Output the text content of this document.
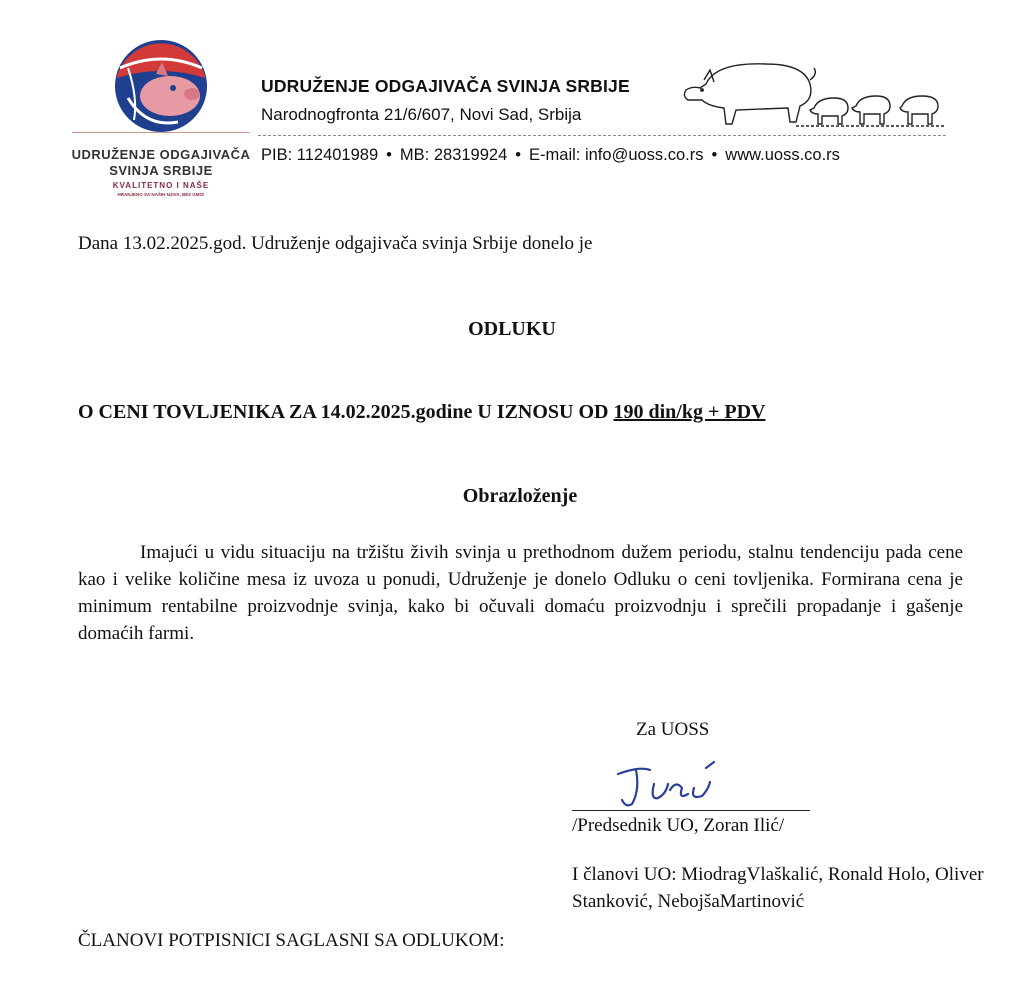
UDRUŽENJE ODGAJIVAČA
SVINJA SRBIJE
KVALITETNO I NAŠE
HRANJENO SA NAŠIH NJIVA, BEZ GMO!
UDRUŽENJE ODGAJIVAČA SVINJA SRBIJE
Narodnogfronta 21/6/607, Novi Sad, Srbija
PIB: 112401989 • MB: 28319924 • E-mail: info@uoss.co.rs • www.uoss.co.rs
Dana 13.02.2025.god. Udruženje odgajivača svinja Srbije donelo je
ODLUKU
O CENI TOVLJENIKA ZA 14.02.2025.godine U IZNOSU OD 190 din/kg + PDV
Obrazloženje
Imajući u vidu situaciju na tržištu živih svinja u prethodnom dužem periodu, stalnu tendenciju pada cene kao i velike količine mesa iz uvoza u ponudi, Udruženje je donelo Odluku o ceni tovljenika. Formirana cena je minimum rentabilne proizvodnje svinja, kako bi očuvali domaću proizvodnju i sprečili propadanje i gašenje domaćih farmi.
Za UOSS
/Predsednik UO, Zoran Ilić/
I članovi UO: MiodragVlaškalić, Ronald Holo, Oliver Stanković, NebojšaMartinović
ČLANOVI POTPISNICI SAGLASNI SA ODLUKOM:
